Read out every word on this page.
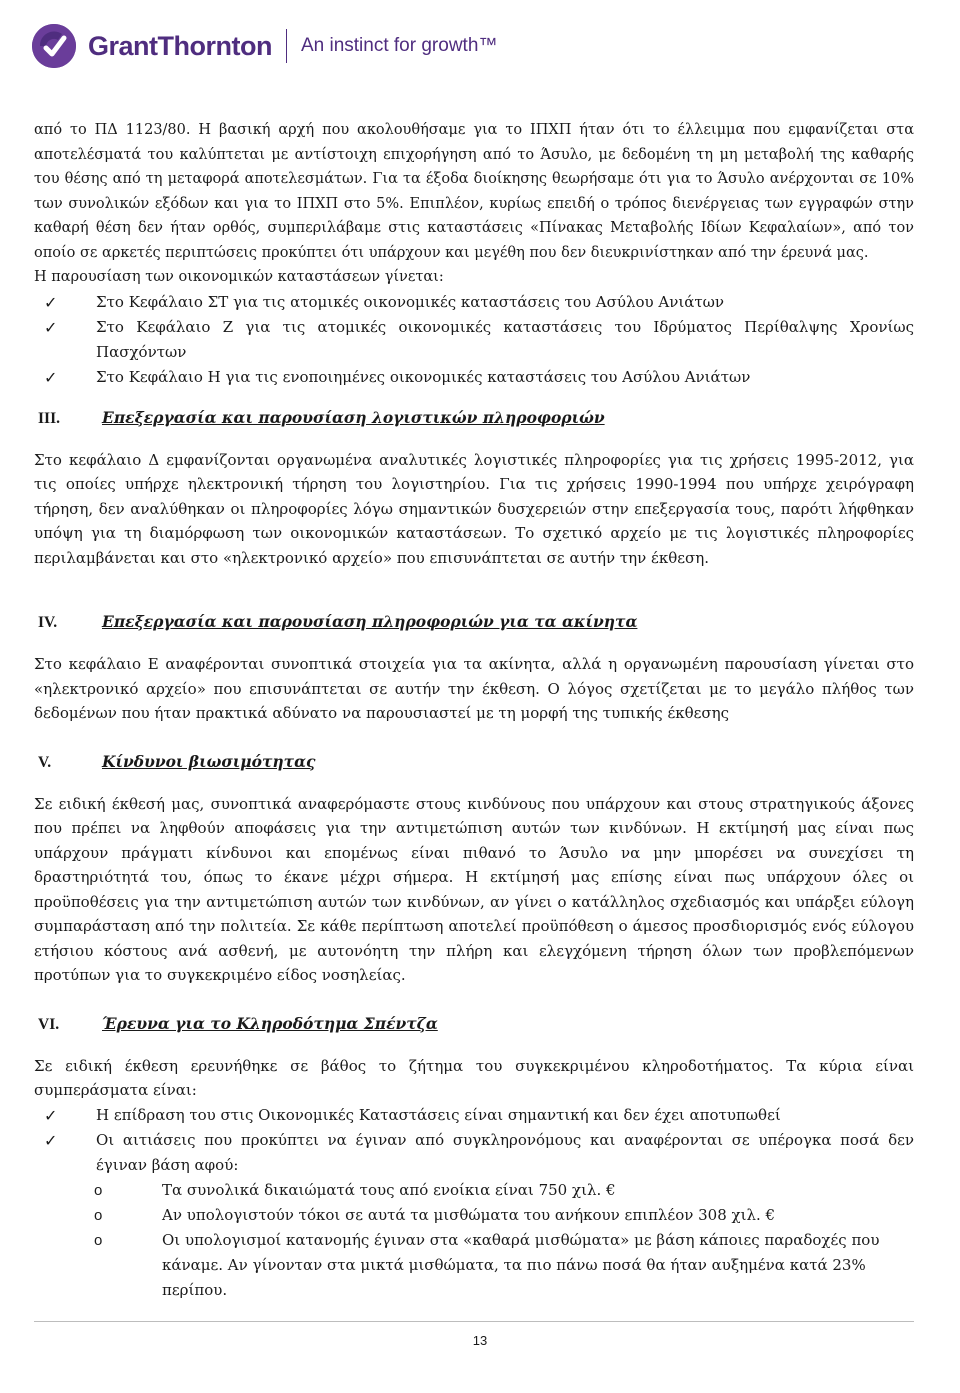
GrantThornton An instinct for growth™

από το ΠΔ 1123/80. Η βασική αρχή που ακολουθήσαμε για το ΙΠΧΠ ήταν ότι το έλλειμμα που εμφανίζεται στα αποτελέσματά του καλύπτεται με αντίστοιχη επιχορήγηση από το Άσυλο, με δεδομένη τη μη μεταβολή της καθαρής του θέσης από τη μεταφορά αποτελεσμάτων. Για τα έξοδα διοίκησης θεωρήσαμε ότι για το Άσυλο ανέρχονται σε 10% των συνολικών εξόδων και για το ΙΠΧΠ στο 5%. Επιπλέον, κυρίως επειδή ο τρόπος διενέργειας των εγγραφών στην καθαρή θέση δεν ήταν ορθός, συμπεριλάβαμε στις καταστάσεις «Πίνακας Μεταβολής Ιδίων Κεφαλαίων», από τον οποίο σε αρκετές περιπτώσεις προκύπτει ότι υπάρχουν και μεγέθη που δεν διευκρινίστηκαν από την έρευνά μας.

Η παρουσίαση των οικονομικών καταστάσεων γίνεται:

✓	Στο Κεφάλαιο ΣΤ για τις ατομικές οικονομικές καταστάσεις του Ασύλου Ανιάτων
✓	Στο Κεφάλαιο Ζ για τις ατομικές οικονομικές καταστάσεις του Ιδρύματος Περίθαλψης Χρονίως Πασχόντων
✓	Στο Κεφάλαιο Η για τις ενοποιημένες οικονομικές καταστάσεις του Ασύλου Ανιάτων
III.	Επεξεργασία και παρουσίαση λογιστικών πληροφοριών

Στο κεφάλαιο Δ εμφανίζονται οργανωμένα αναλυτικές λογιστικές πληροφορίες για τις χρήσεις 1995-2012, για τις οποίες υπήρχε ηλεκτρονική τήρηση του λογιστηρίου. Για τις χρήσεις 1990-1994 που υπήρχε χειρόγραφη τήρηση, δεν αναλύθηκαν οι πληροφορίες λόγω σημαντικών δυσχερειών στην επεξεργασία τους, παρότι λήφθηκαν υπόψη για τη διαμόρφωση των οικονομικών καταστάσεων. Το σχετικό αρχείο με τις λογιστικές πληροφορίες περιλαμβάνεται και στο «ηλεκτρονικό αρχείο» που επισυνάπτεται σε αυτήν την έκθεση.

IV.	Επεξεργασία και παρουσίαση πληροφοριών για τα ακίνητα

Στο κεφάλαιο Ε αναφέρονται συνοπτικά στοιχεία για τα ακίνητα, αλλά η οργανωμένη παρουσίαση γίνεται στο «ηλεκτρονικό αρχείο» που επισυνάπτεται σε αυτήν την έκθεση. Ο λόγος σχετίζεται με το μεγάλο πλήθος των δεδομένων που ήταν πρακτικά αδύνατο να παρουσιαστεί με τη μορφή της τυπικής έκθεσης

V.	Κίνδυνοι βιωσιμότητας

Σε ειδική έκθεσή μας, συνοπτικά αναφερόμαστε στους κινδύνους που υπάρχουν και στους στρατηγικούς άξονες που πρέπει να ληφθούν αποφάσεις για την αντιμετώπιση αυτών των κινδύνων. Η εκτίμησή μας είναι πως υπάρχουν πράγματι κίνδυνοι και επομένως είναι πιθανό το Άσυλο να μην μπορέσει να συνεχίσει τη δραστηριότητά του, όπως το έκανε μέχρι σήμερα. Η εκτίμησή μας επίσης είναι πως υπάρχουν όλες οι προϋποθέσεις για την αντιμετώπιση αυτών των κινδύνων, αν γίνει ο κατάλληλος σχεδιασμός και υπάρξει εύλογη συμπαράσταση από την πολιτεία. Σε κάθε περίπτωση αποτελεί προϋπόθεση ο άμεσος προσδιορισμός ενός εύλογου ετήσιου κόστους ανά ασθενή, με αυτονόητη την πλήρη και ελεγχόμενη τήρηση όλων των προβλεπόμενων προτύπων για το συγκεκριμένο είδος νοσηλείας.

VI.	Έρευνα για το Κληροδότημα Σπέντζα

Σε ειδική έκθεση ερευνήθηκε σε βάθος το ζήτημα του συγκεκριμένου κληροδοτήματος. Τα κύρια είναι συμπεράσματα είναι:

✓	Η επίδραση του στις Οικονομικές Καταστάσεις είναι σημαντική και δεν έχει αποτυπωθεί
✓	Οι αιτιάσεις που προκύπτει να έγιναν από συγκληρονόμους και αναφέρονται σε υπέρογκα ποσά δεν έγιναν βάση αφού:
o	Τα συνολικά δικαιώματά τους από ενοίκια είναι 750 χιλ. €
o	Αν υπολογιστούν τόκοι σε αυτά τα μισθώματα του ανήκουν επιπλέον 308 χιλ. €
o	Οι υπολογισμοί κατανομής έγιναν στα «καθαρά μισθώματα» με βάση κάποιες παραδοχές που κάναμε. Αν γίνονταν στα μικτά μισθώματα, τα πιο πάνω ποσά θα ήταν αυξημένα κατά 23% περίπου.
13
